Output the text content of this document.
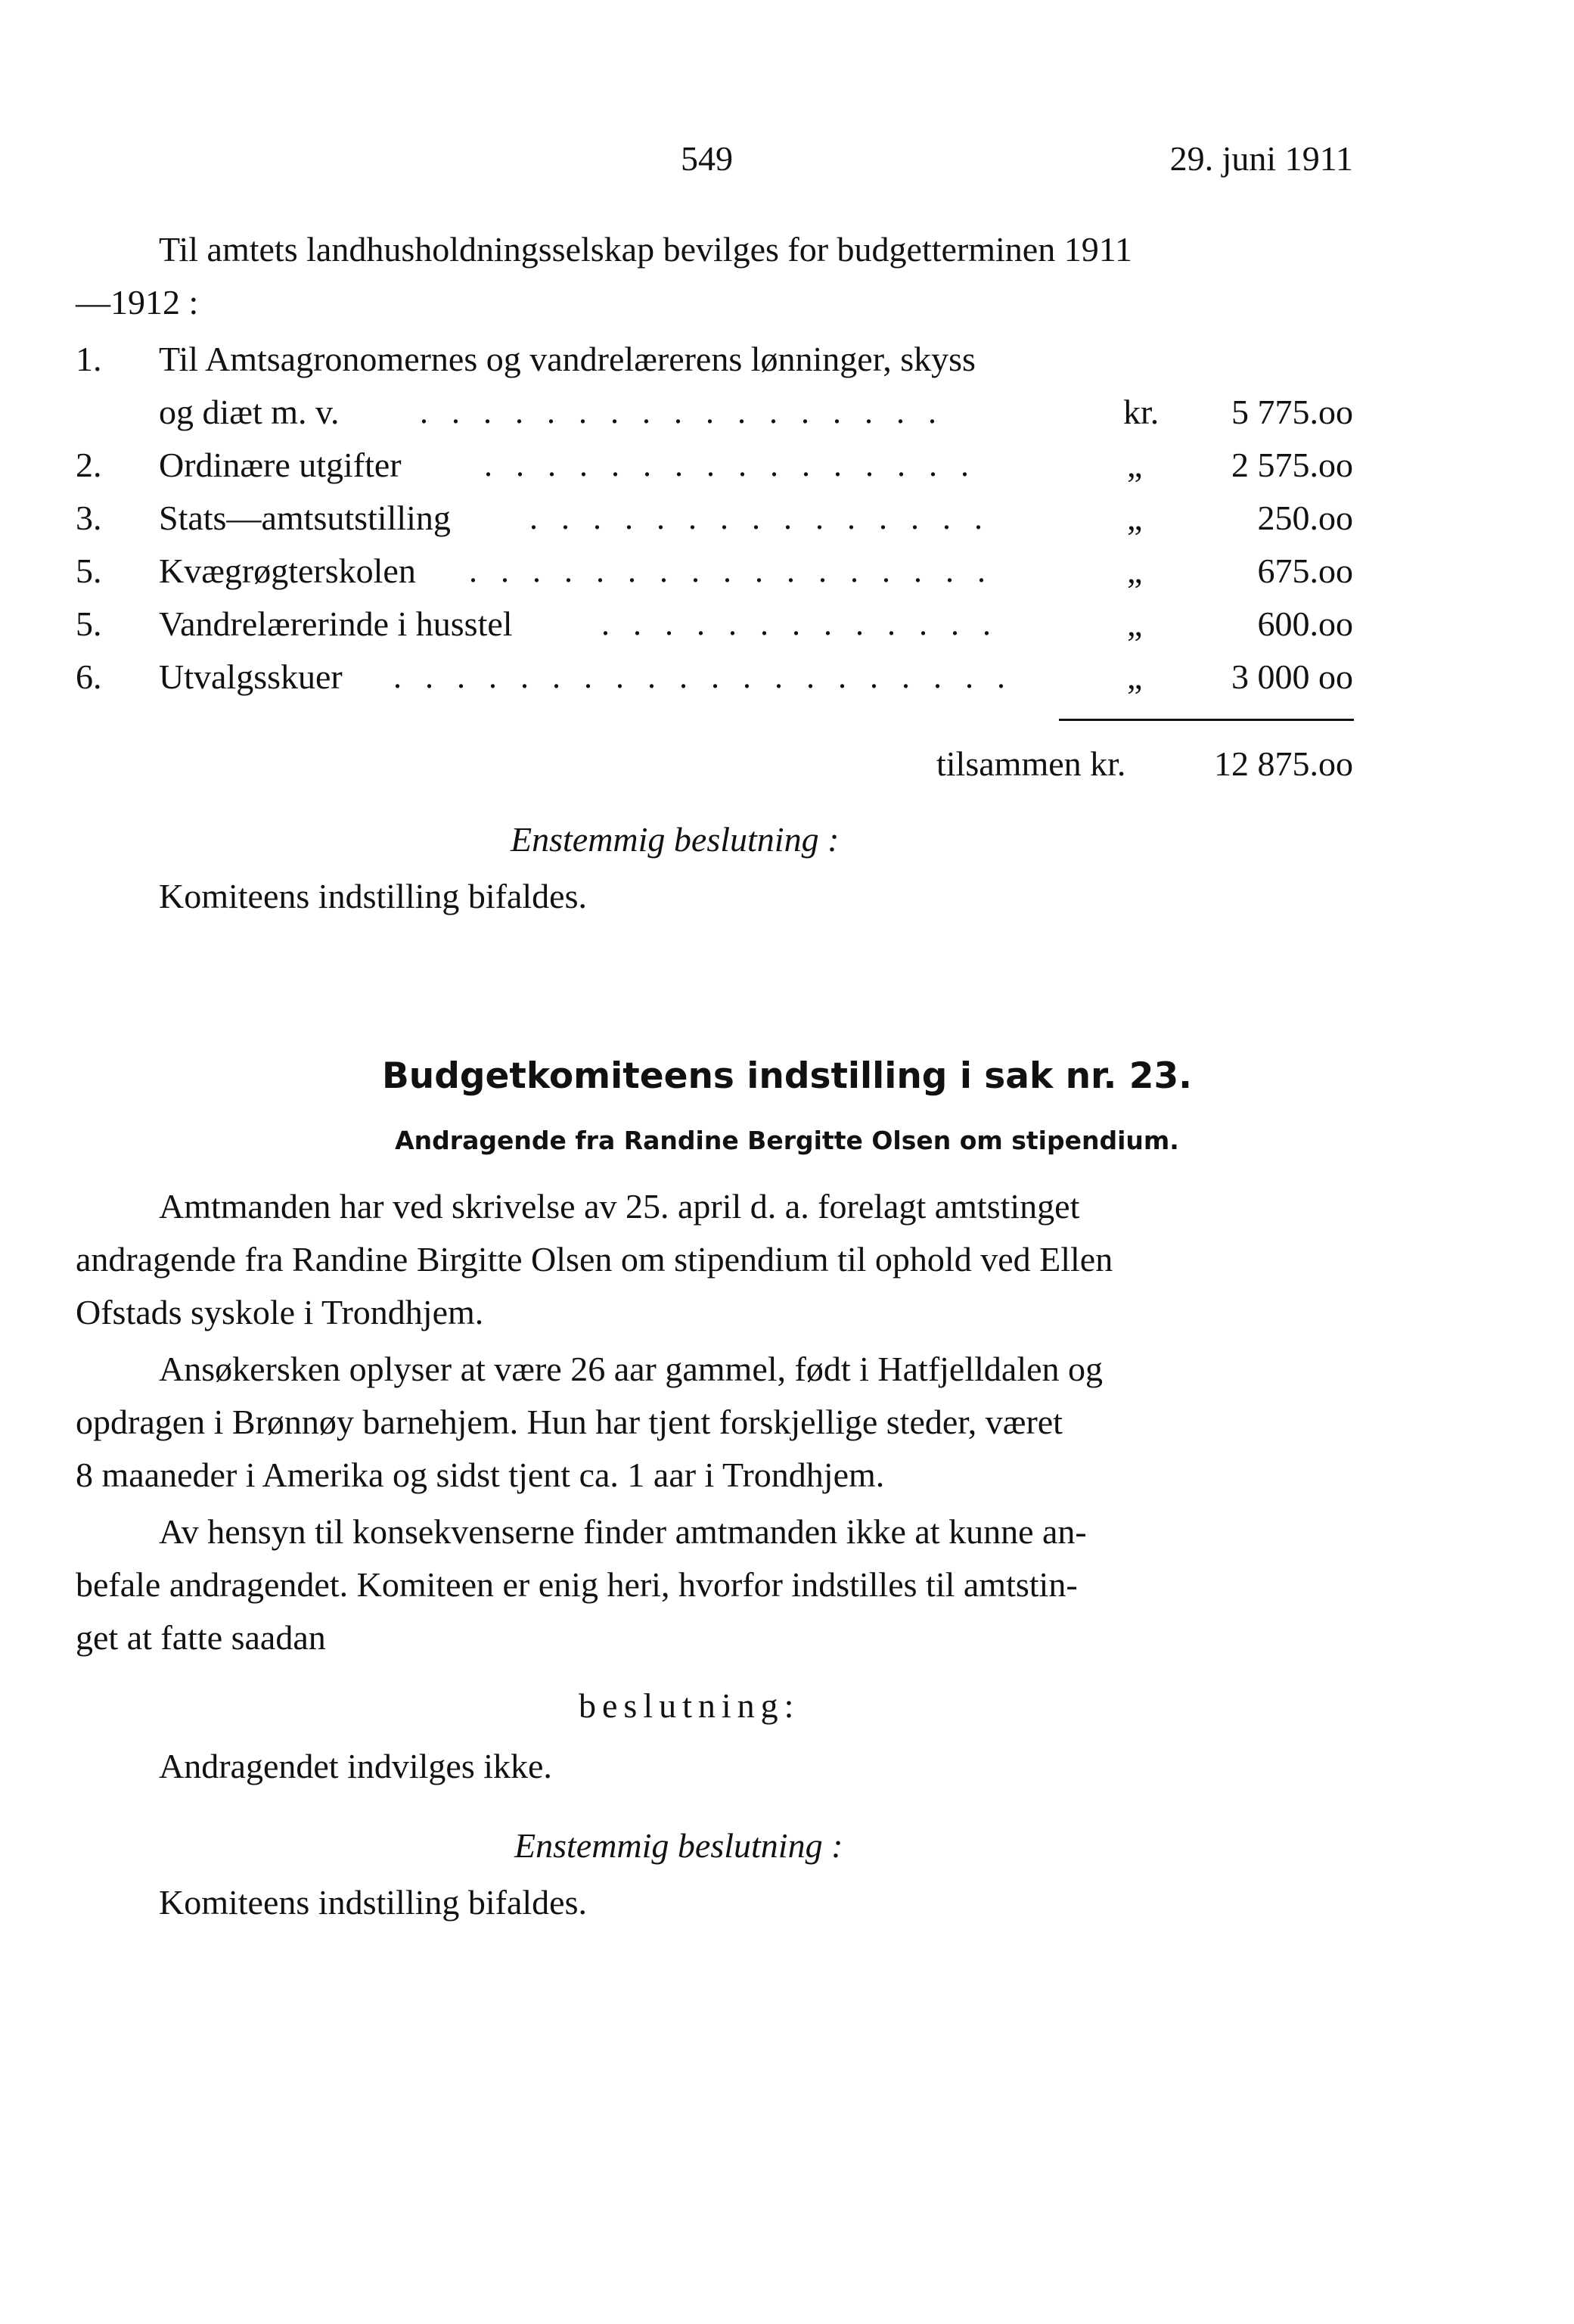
549	29. juni 1911
Til amtets landhusholdningsselskap bevilges for budgetterminen 1911
—1912 :
1. Til Amtsagronomernes og vandrelærerens lønninger, skyss
og diæt m. v. . . . . . . . . . . . . . . . . .	kr. 5 775.oo
2. Ordinære utgifter . . . . . . . . . . . . . . . .	„	2 575.oo
3. Stats—amtsutstilling . . . . . . . . . . . . . . .	„	250.oo
5. Kvægrøgterskolen . . . . . . . . . . . . . . . . .	„	675.oo
5. Vandrelærerinde i husstel	. . . . . . . . . . . . .	„	600.oo
6. Utvalgsskuer . . . . . . . . . . . . . . . . . . . .	„	3 000 oo
tilsammen kr.	12 875.oo
Enstemmig beslutning :
Komiteens indstilling bifaldes.
Budgetkomiteens indstilling i sak nr. 23.
Andragende fra Randine Bergitte Olsen om stipendium.
Amtmanden har ved skrivelse av 25. april d. a. forelagt amtstinget
andragende fra Randine Birgitte Olsen om stipendium til ophold ved Ellen
Ofstads syskole i Trondhjem.
Ansøkersken oplyser at være 26 aar gammel, født i Hatfjelldalen og
opdragen i Brønnøy barnehjem. Hun har tjent forskjellige steder, været
8 maaneder i Amerika og sidst tjent ca. 1 aar i Trondhjem.
Av hensyn til konsekvenserne finder amtmanden ikke at kunne an-
befale andragendet. Komiteen er enig heri, hvorfor indstilles til amtstin-
get at fatte saadan
beslutning:
Andragendet indvilges ikke.
Enstemmig beslutning :
Komiteens indstilling bifaldes.
